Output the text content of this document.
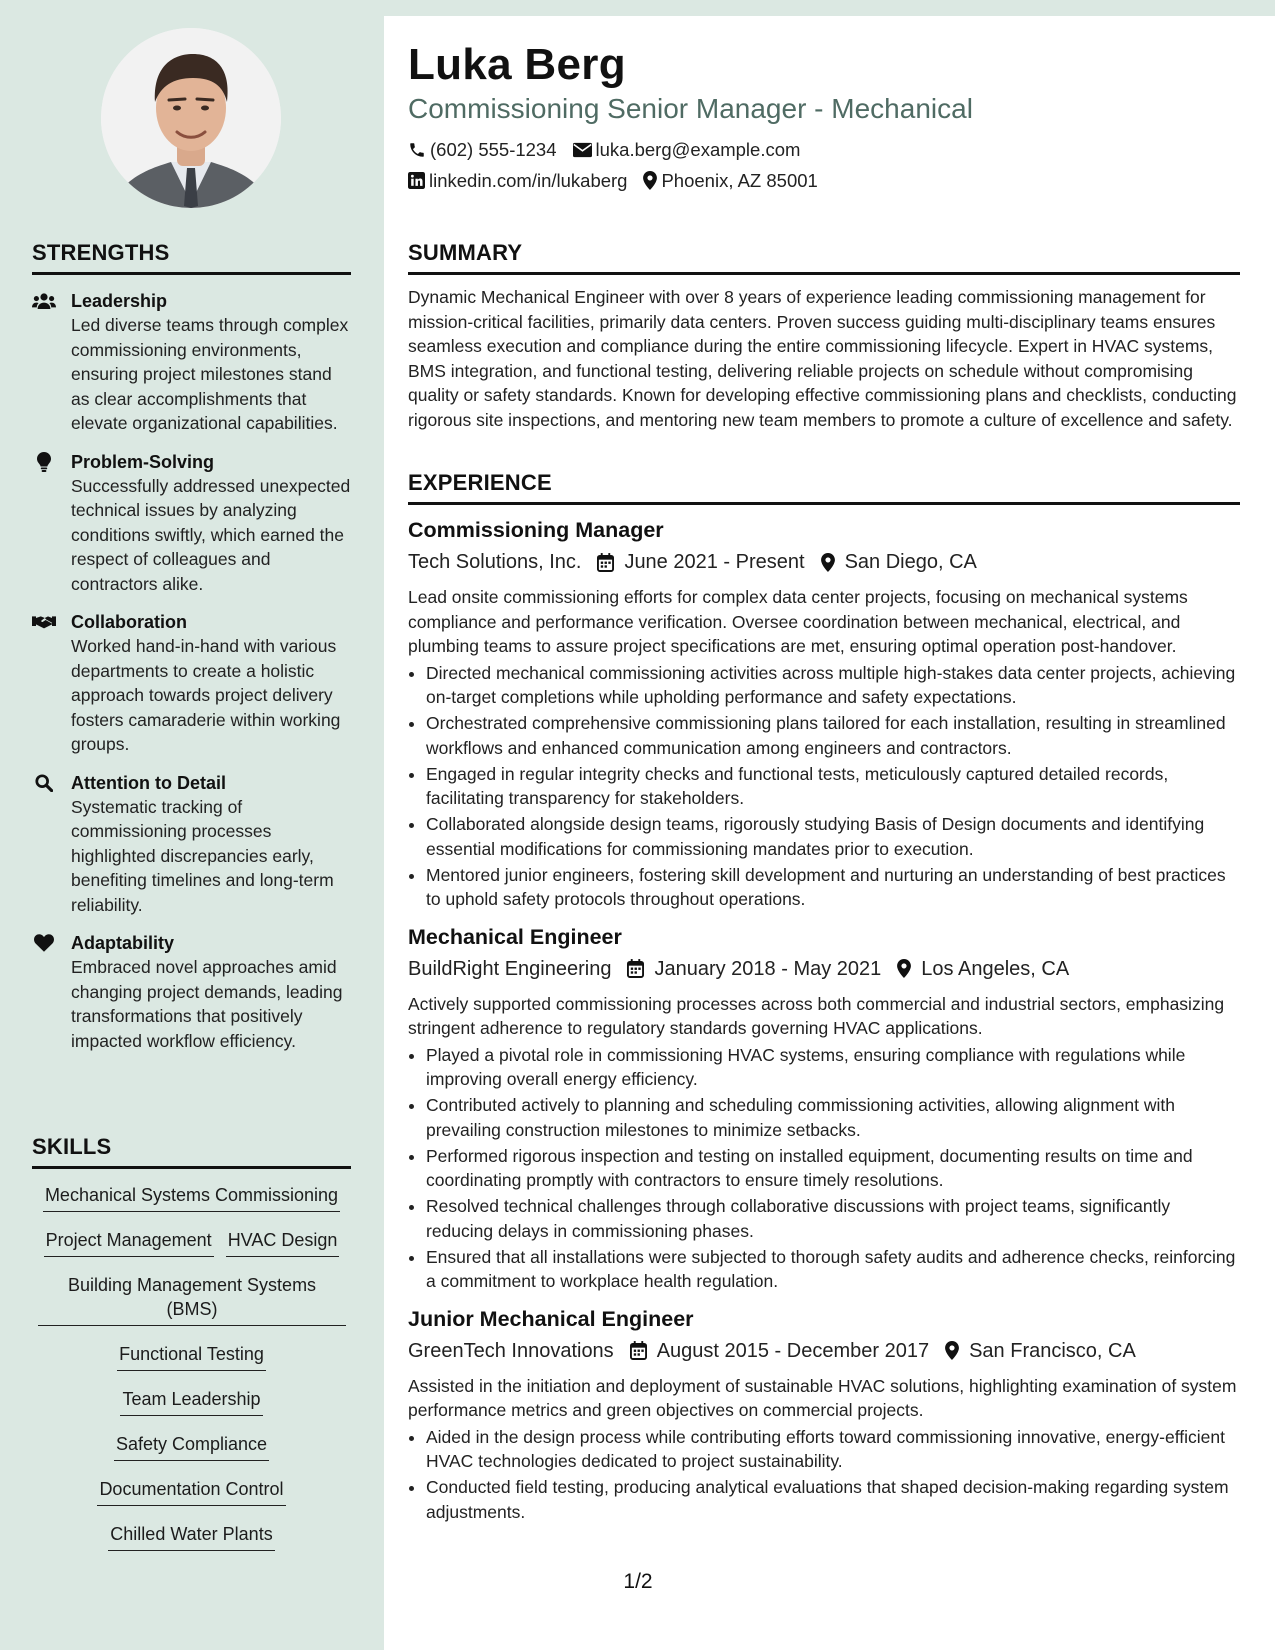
Luka Berg
Commissioning Senior Manager - Mechanical
(602) 555-1234 luka.berg@example.com
linkedin.com/in/lukaberg Phoenix, AZ 85001
STRENGTHS
Leadership
Led diverse teams through complex commissioning environments, ensuring project milestones stand as clear accomplishments that elevate organizational capabilities.
Problem-Solving
Successfully addressed unexpected technical issues by analyzing conditions swiftly, which earned the respect of colleagues and contractors alike.
Collaboration
Worked hand-in-hand with various departments to create a holistic approach towards project delivery fosters camaraderie within working groups.
Attention to Detail
Systematic tracking of commissioning processes highlighted discrepancies early, benefiting timelines and long-term reliability.
Adaptability
Embraced novel approaches amid changing project demands, leading transformations that positively impacted workflow efficiency.
SKILLS
Mechanical Systems Commissioning
Project Management HVAC Design
Building Management Systems (BMS)
Functional Testing
Team Leadership
Safety Compliance
Documentation Control
Chilled Water Plants
SUMMARY

Dynamic Mechanical Engineer with over 8 years of experience leading commissioning management for mission-critical facilities, primarily data centers. Proven success guiding multi-disciplinary teams ensures seamless execution and compliance during the entire commissioning lifecycle. Expert in HVAC systems, BMS integration, and functional testing, delivering reliable projects on schedule without compromising quality or safety standards. Known for developing effective commissioning plans and checklists, conducting rigorous site inspections, and mentoring new team members to promote a culture of excellence and safety.

EXPERIENCE
Commissioning Manager
Tech Solutions, Inc. June 2021 - Present San Diego, CA

Lead onsite commissioning efforts for complex data center projects, focusing on mechanical systems compliance and performance verification. Oversee coordination between mechanical, electrical, and plumbing teams to assure project specifications are met, ensuring optimal operation post-handover.

• Directed mechanical commissioning activities across multiple high-stakes data center projects, achieving on-target completions while upholding performance and safety expectations.
• Orchestrated comprehensive commissioning plans tailored for each installation, resulting in streamlined workflows and enhanced communication among engineers and contractors.
• Engaged in regular integrity checks and functional tests, meticulously captured detailed records, facilitating transparency for stakeholders.
• Collaborated alongside design teams, rigorously studying Basis of Design documents and identifying essential modifications for commissioning mandates prior to execution.
• Mentored junior engineers, fostering skill development and nurturing an understanding of best practices to uphold safety protocols throughout operations.
Mechanical Engineer
BuildRight Engineering January 2018 - May 2021 Los Angeles, CA

Actively supported commissioning processes across both commercial and industrial sectors, emphasizing stringent adherence to regulatory standards governing HVAC applications.

• Played a pivotal role in commissioning HVAC systems, ensuring compliance with regulations while improving overall energy efficiency.
• Contributed actively to planning and scheduling commissioning activities, allowing alignment with prevailing construction milestones to minimize setbacks.
• Performed rigorous inspection and testing on installed equipment, documenting results on time and coordinating promptly with contractors to ensure timely resolutions.
• Resolved technical challenges through collaborative discussions with project teams, significantly reducing delays in commissioning phases.
• Ensured that all installations were subjected to thorough safety audits and adherence checks, reinforcing a commitment to workplace health regulation.
Junior Mechanical Engineer
GreenTech Innovations August 2015 - December 2017 San Francisco, CA

Assisted in the initiation and deployment of sustainable HVAC solutions, highlighting examination of system performance metrics and green objectives on commercial projects.

• Aided in the design process while contributing efforts toward commissioning innovative, energy-efficient HVAC technologies dedicated to project sustainability.
• Conducted field testing, producing analytical evaluations that shaped decision-making regarding system adjustments.
1/2
